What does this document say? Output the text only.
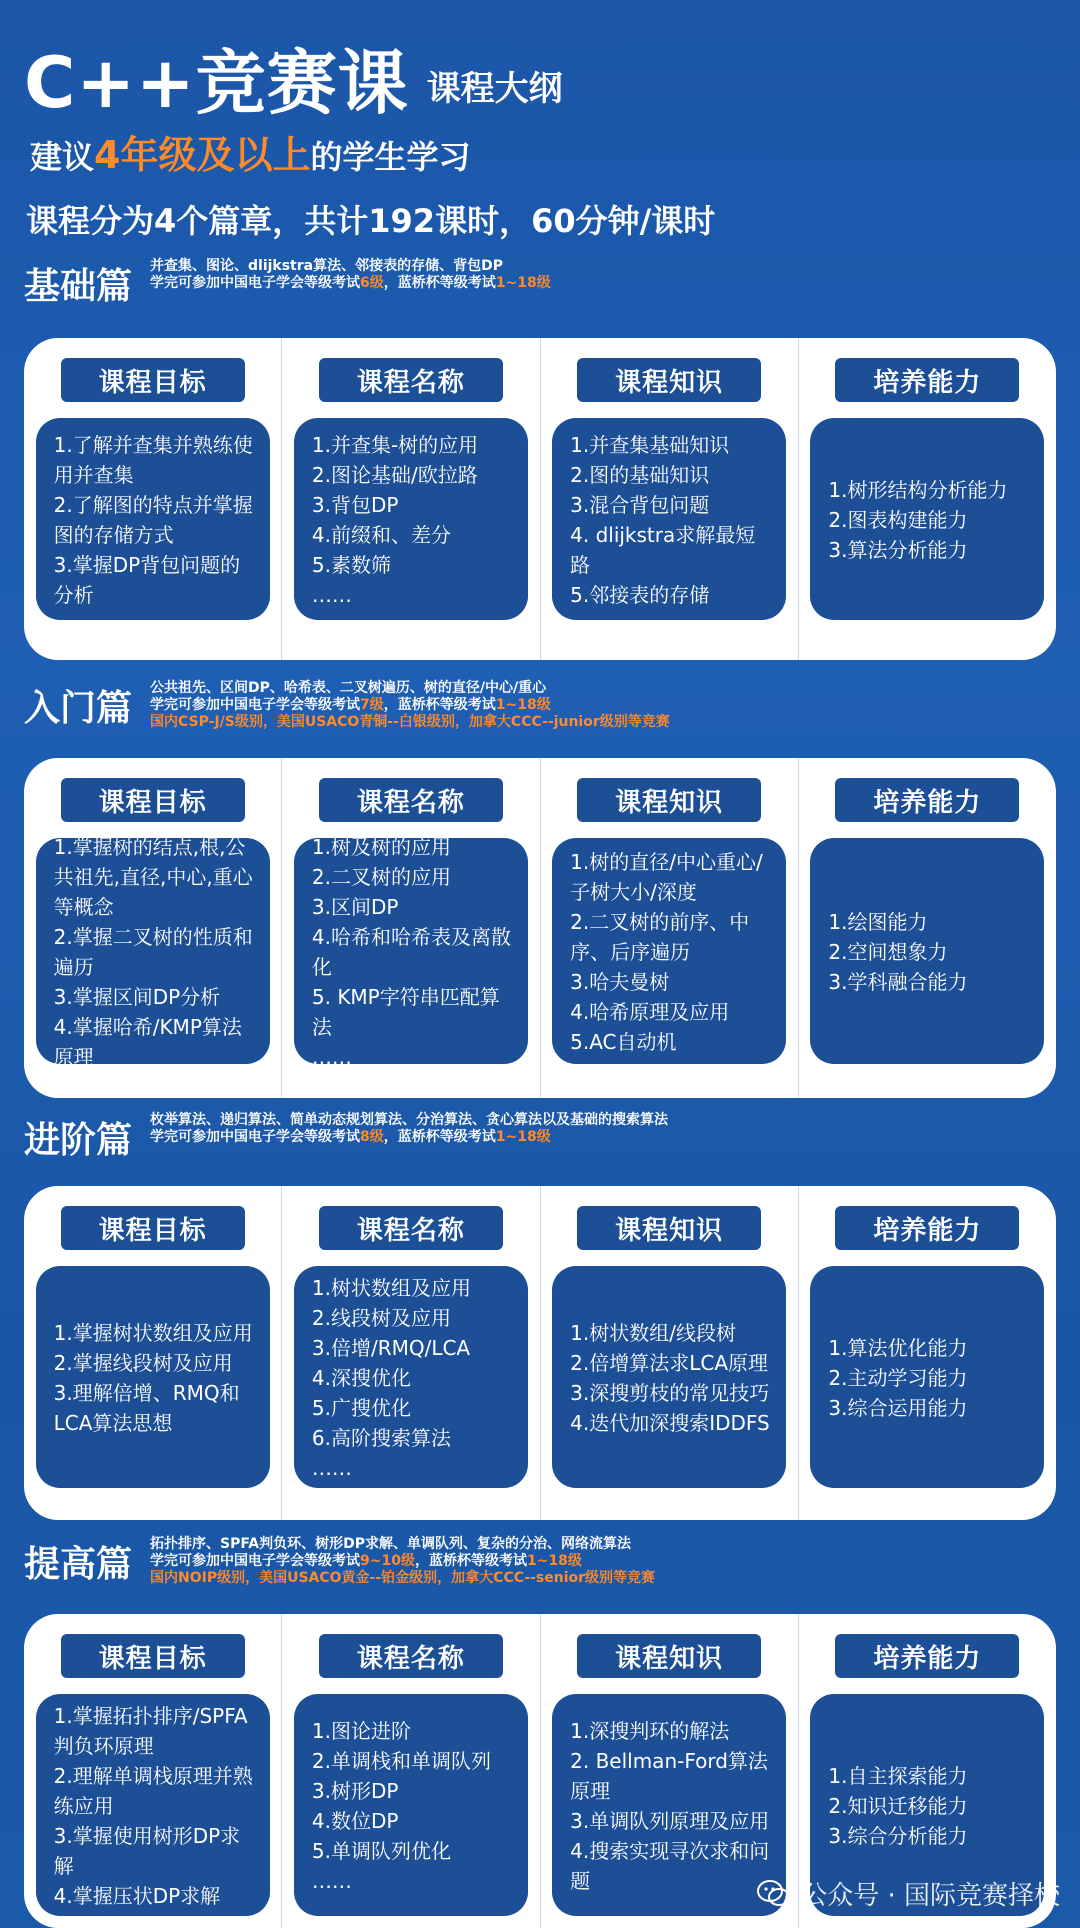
C++竞赛课 课程大纲
建议4年级及以上的学生学习
课程分为4个篇章，共计192课时，60分钟/课时
基础篇	并查集、图论、dlijkstra算法、邻接表的存储、背包DP
学完可参加中国电子学会等级考试6级，蓝桥杯等级考试1~18级
课程目标
1.了解并查集并熟练使用并查集
2.了解图的特点并掌握图的存储方式
3.掌握DP背包问题的分析
课程名称
1.并查集-树的应用
2.图论基础/欧拉路
3.背包DP
4.前缀和、差分
5.素数筛
……
课程知识
1.并查集基础知识
2.图的基础知识
3.混合背包问题
4. dlijkstra求解最短路
5.邻接表的存储
培养能力
1.树形结构分析能力
2.图表构建能力
3.算法分析能力
入门篇	公共祖先、区间DP、哈希表、二叉树遍历、树的直径/中心/重心
学完可参加中国电子学会等级考试7级，蓝桥杯等级考试1~18级
国内CSP-J/S级别，美国USACO青铜--白银级别，加拿大CCC--junior级别等竞赛
课程目标
1.掌握树的结点,根,公共祖先,直径,中心,重心等概念
2.掌握二叉树的性质和遍历
3.掌握区间DP分析
4.掌握哈希/KMP算法原理
课程名称
1.树及树的应用
2.二叉树的应用
3.区间DP
4.哈希和哈希表及离散化
5. KMP字符串匹配算法
……
课程知识
1.树的直径/中心重心/子树大小/深度
2.二叉树的前序、中序、后序遍历
3.哈夫曼树
4.哈希原理及应用
5.AC自动机
培养能力
1.绘图能力
2.空间想象力
3.学科融合能力
进阶篇	枚举算法、递归算法、简单动态规划算法、分治算法、贪心算法以及基础的搜索算法
学完可参加中国电子学会等级考试8级，蓝桥杯等级考试1~18级
课程目标
1.掌握树状数组及应用
2.掌握线段树及应用
3.理解倍增、RMQ和LCA算法思想
课程名称
1.树状数组及应用
2.线段树及应用
3.倍增/RMQ/LCA
4.深搜优化
5.广搜优化
6.高阶搜索算法
……
课程知识
1.树状数组/线段树
2.倍增算法求LCA原理
3.深搜剪枝的常见技巧
4.迭代加深搜索IDDFS
培养能力
1.算法优化能力
2.主动学习能力
3.综合运用能力
提高篇	拓扑排序、SPFA判负环、树形DP求解、单调队列、复杂的分治、网络流算法
学完可参加中国电子学会等级考试9~10级，蓝桥杯等级考试1~18级
国内NOIP级别，美国USACO黄金--铂金级别，加拿大CCC--senior级别等竞赛
课程目标
1.掌握拓扑排序/SPFA判负环原理
2.理解单调栈原理并熟练应用
3.掌握使用树形DP求解
4.掌握压状DP求解
课程名称
1.图论进阶
2.单调栈和单调队列
3.树形DP
4.数位DP
5.单调队列优化
……
课程知识
1.深搜判环的解法
2. Bellman-Ford算法原理
3.单调队列原理及应用
4.搜索实现寻次求和问题
培养能力
1.自主探索能力
2.知识迁移能力
3.综合分析能力
公众号 · 国际竞赛择校
